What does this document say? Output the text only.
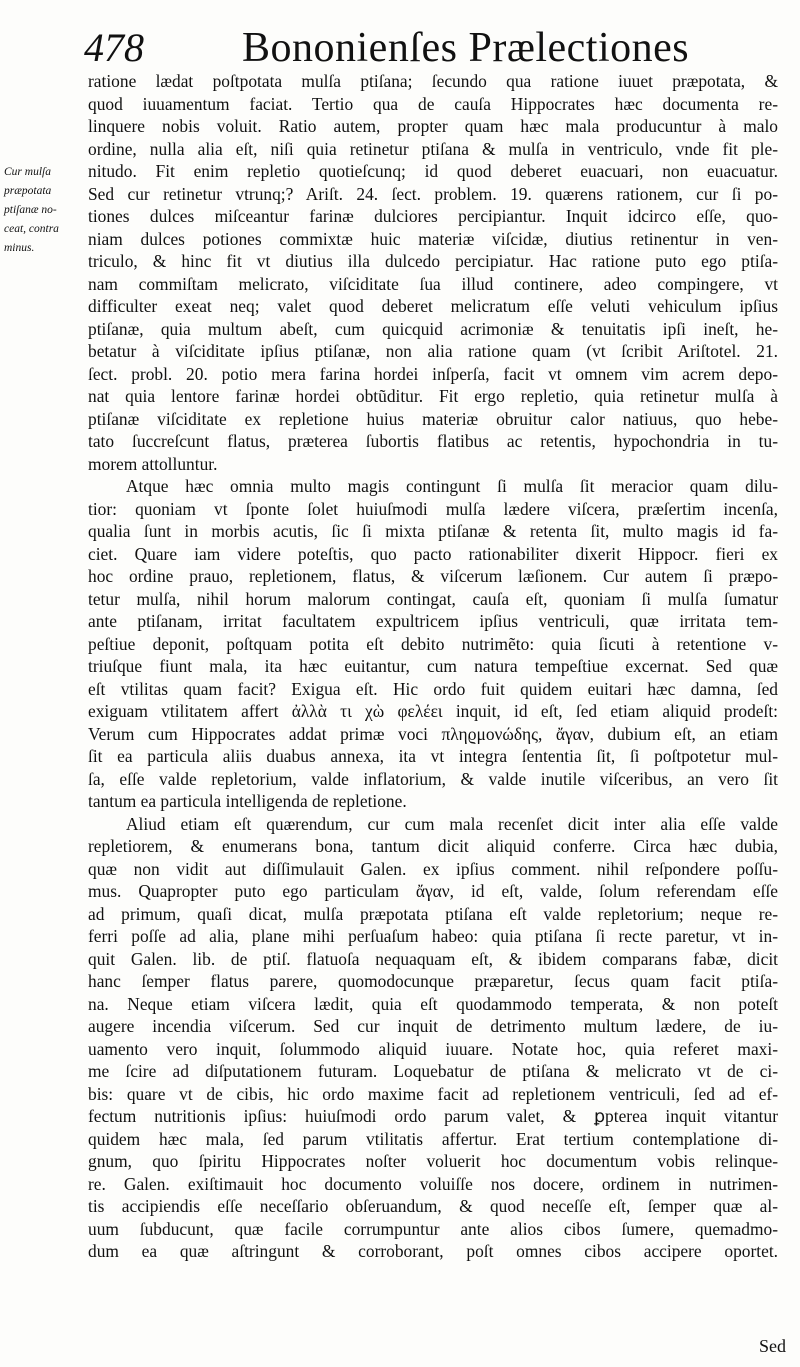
478 Bononienſes Prælectiones
Cur mulſa
præpotata
ptiſanæ no-
ceat, contra
minus.
ratione lædat poſtpotata mulſa ptiſana; ſecundo qua ratione iuuet præpotata, &
quod iuuamentum faciat. Tertio qua de cauſa Hippocrates hæc documenta re-
linquere nobis voluit. Ratio autem, propter quam hæc mala producuntur à malo
ordine, nulla alia eſt, niſi quia retinetur ptiſana & mulſa in ventriculo, vnde fit ple-
nitudo. Fit enim repletio quotieſcunq; id quod deberet euacuari, non euacuatur.
Sed cur retinetur vtrunq;? Ariſt. 24. ſect. problem. 19. quærens rationem, cur ſi po-
tiones dulces miſceantur farinæ dulciores percipiantur. Inquit idcirco eſſe, quo-
niam dulces potiones commixtæ huic materiæ viſcidæ, diutius retinentur in ven-
triculo, & hinc fit vt diutius illa dulcedo percipiatur. Hac ratione puto ego ptiſa-
nam commiſtam melicrato, viſciditate ſua illud continere, adeo compingere, vt
difficulter exeat neq; valet quod deberet melicratum eſſe veluti vehiculum ipſius
ptiſanæ, quia multum abeſt, cum quicquid acrimoniæ & tenuitatis ipſi ineſt, he-
betatur à viſciditate ipſius ptiſanæ, non alia ratione quam (vt ſcribit Ariſtotel. 21.
ſect. probl. 20. potio mera farina hordei inſperſa, facit vt omnem vim acrem depo-
nat quia lentore farinæ hordei obtũditur. Fit ergo repletio, quia retinetur mulſa à
ptiſanæ viſciditate ex repletione huius materiæ obruitur calor natiuus, quo hebe-
tato ſuccreſcunt flatus, præterea ſubortis flatibus ac retentis, hypochondria in tu-
morem attolluntur.
Atque hæc omnia multo magis contingunt ſi mulſa ſit meracior quam dilu-
tior: quoniam vt ſponte ſolet huiuſmodi mulſa lædere viſcera, præſertim incenſa,
qualia ſunt in morbis acutis, ſic ſi mixta ptiſanæ & retenta ſit, multo magis id fa-
ciet. Quare iam videre poteſtis, quo pacto rationabiliter dixerit Hippocr. fieri ex
hoc ordine prauo, repletionem, flatus, & viſcerum læſionem. Cur autem ſi præpo-
tetur mulſa, nihil horum malorum contingat, cauſa eſt, quoniam ſi mulſa ſumatur
ante ptiſanam, irritat facultatem expultricem ipſius ventriculi, quæ irritata tem-
peſtiue deponit, poſtquam potita eſt debito nutrimẽto: quia ſicuti à retentione v-
triuſque fiunt mala, ita hæc euitantur, cum natura tempeſtiue excernat. Sed quæ
eſt vtilitas quam facit? Exigua eſt. Hic ordo fuit quidem euitari hæc damna, ſed
exiguam vtilitatem affert ἀλλὰ τι χὼ φελέει inquit, id eſt, ſed etiam aliquid prodeſt:
Verum cum Hippocrates addat primæ voci πληϱμονώδης, ἄγαν, dubium eſt, an etiam
ſit ea particula aliis duabus annexa, ita vt integra ſententia ſit, ſi poſtpotetur mul-
ſa, eſſe valde repletorium, valde inflatorium, & valde inutile viſceribus, an vero ſit
tantum ea particula intelligenda de repletione.
Aliud etiam eſt quærendum, cur cum mala recenſet dicit inter alia eſſe valde
repletiorem, & enumerans bona, tantum dicit aliquid conferre. Circa hæc dubia,
quæ non vidit aut diſſimulauit Galen. ex ipſius comment. nihil reſpondere poſſu-
mus. Quapropter puto ego particulam ἄγαν, id eſt, valde, ſolum referendam eſſe
ad primum, quaſi dicat, mulſa præpotata ptiſana eſt valde repletorium; neque re-
ferri poſſe ad alia, plane mihi perſuaſum habeo: quia ptiſana ſi recte paretur, vt in-
quit Galen. lib. de ptiſ. flatuoſa nequaquam eſt, & ibidem comparans fabæ, dicit
hanc ſemper flatus parere, quomodocunque præparetur, ſecus quam facit ptiſa-
na. Neque etiam viſcera lædit, quia eſt quodammodo temperata, & non poteſt
augere incendia viſcerum. Sed cur inquit de detrimento multum lædere, de iu-
uamento vero inquit, ſolummodo aliquid iuuare. Notate hoc, quia referet maxi-
me ſcire ad diſputationem futuram. Loquebatur de ptiſana & melicrato vt de ci-
bis: quare vt de cibis, hic ordo maxime facit ad repletionem ventriculi, ſed ad ef-
fectum nutritionis ipſius: huiuſmodi ordo parum valet, & ꝑpterea inquit vitantur
quidem hæc mala, ſed parum vtilitatis affertur. Erat tertium contemplatione di-
gnum, quo ſpiritu Hippocrates noſter voluerit hoc documentum vobis relinque-
re. Galen. exiſtimauit hoc documento voluiſſe nos docere, ordinem in nutrimen-
tis accipiendis eſſe neceſſario obſeruandum, & quod neceſſe eſt, ſemper quæ al-
uum ſubducunt, quæ facile corrumpuntur ante alios cibos ſumere, quemadmo-
dum ea quæ aſtringunt & corroborant, poſt omnes cibos accipere oportet.
Sed
